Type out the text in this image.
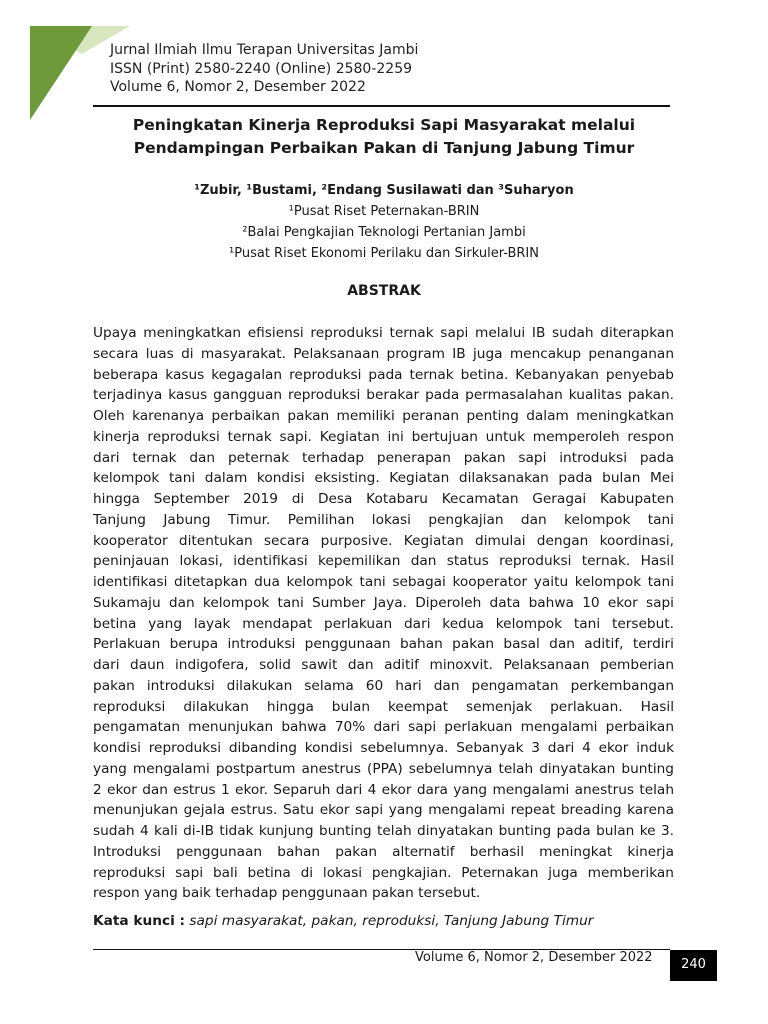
Jurnal Ilmiah Ilmu Terapan Universitas Jambi
ISSN (Print) 2580-2240 (Online) 2580-2259
Volume 6, Nomor 2, Desember 2022
Peningkatan Kinerja Reproduksi Sapi Masyarakat melalui
Pendampingan Perbaikan Pakan di Tanjung Jabung Timur
¹Zubir, ¹Bustami, ²Endang Susilawati dan ³Suharyon
¹Pusat Riset Peternakan-BRIN
²Balai Pengkajian Teknologi Pertanian Jambi
¹Pusat Riset Ekonomi Perilaku dan Sirkuler-BRIN
ABSTRAK
Upaya meningkatkan efisiensi reproduksi ternak sapi melalui IB sudah diterapkan
secara luas di masyarakat. Pelaksanaan program IB juga mencakup penanganan
beberapa kasus kegagalan reproduksi pada ternak betina. Kebanyakan penyebab
terjadinya kasus gangguan reproduksi berakar pada permasalahan kualitas pakan.
Oleh karenanya perbaikan pakan memiliki peranan penting dalam meningkatkan
kinerja reproduksi ternak sapi. Kegiatan ini bertujuan untuk memperoleh respon
dari ternak dan peternak terhadap penerapan pakan sapi introduksi pada
kelompok tani dalam kondisi eksisting. Kegiatan dilaksanakan pada bulan Mei
hingga September 2019 di Desa Kotabaru Kecamatan Geragai Kabupaten
Tanjung Jabung Timur. Pemilihan lokasi pengkajian dan kelompok tani
kooperator ditentukan secara purposive. Kegiatan dimulai dengan koordinasi,
peninjauan lokasi, identifikasi kepemilikan dan status reproduksi ternak. Hasil
identifikasi ditetapkan dua kelompok tani sebagai kooperator yaitu kelompok tani
Sukamaju dan kelompok tani Sumber Jaya. Diperoleh data bahwa 10 ekor sapi
betina yang layak mendapat perlakuan dari kedua kelompok tani tersebut.
Perlakuan berupa introduksi penggunaan bahan pakan basal dan aditif, terdiri
dari daun indigofera, solid sawit dan aditif minoxvit. Pelaksanaan pemberian
pakan introduksi dilakukan selama 60 hari dan pengamatan perkembangan
reproduksi dilakukan hingga bulan keempat semenjak perlakuan. Hasil
pengamatan menunjukan bahwa 70% dari sapi perlakuan mengalami perbaikan
kondisi reproduksi dibanding kondisi sebelumnya. Sebanyak 3 dari 4 ekor induk
yang mengalami postpartum anestrus (PPA) sebelumnya telah dinyatakan bunting
2 ekor dan estrus 1 ekor. Separuh dari 4 ekor dara yang mengalami anestrus telah
menunjukan gejala estrus. Satu ekor sapi yang mengalami repeat breading karena
sudah 4 kali di-IB tidak kunjung bunting telah dinyatakan bunting pada bulan ke 3.
Introduksi penggunaan bahan pakan alternatif berhasil meningkat kinerja
reproduksi sapi bali betina di lokasi pengkajian. Peternakan juga memberikan
respon yang baik terhadap penggunaan pakan tersebut.
Kata kunci : sapi masyarakat, pakan, reproduksi, Tanjung Jabung Timur
Volume 6, Nomor 2, Desember 2022	240
